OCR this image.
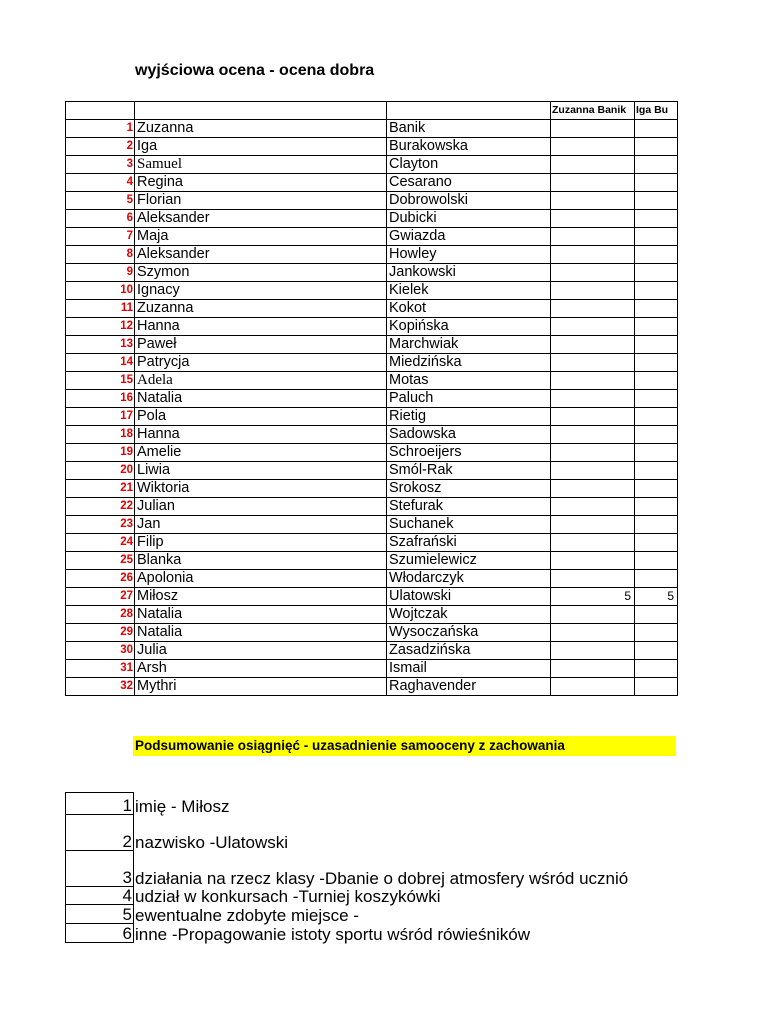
wyjściowa ocena - ocena dobra
			Zuzanna Banik	Iga Bu
1	Zuzanna	Banik		
2	Iga	Burakowska		
3	Samuel	Clayton		
4	Regina	Cesarano		
5	Florian	Dobrowolski		
6	Aleksander	Dubicki		
7	Maja	Gwiazda		
8	Aleksander	Howley		
9	Szymon	Jankowski		
10	Ignacy	Kielek		
11	Zuzanna	Kokot		
12	Hanna	Kopińska		
13	Paweł	Marchwiak		
14	Patrycja	Miedzińska		
15	Adela	Motas		
16	Natalia	Paluch		
17	Pola	Rietig		
18	Hanna	Sadowska		
19	Amelie	Schroeijers		
20	Liwia	Smól-Rak		
21	Wiktoria	Srokosz		
22	Julian	Stefurak		
23	Jan	Suchanek		
24	Filip	Szafrański		
25	Blanka	Szumielewicz		
26	Apolonia	Włodarczyk		
27	Miłosz	Ulatowski	5	5
28	Natalia	Wojtczak		
29	Natalia	Wysoczańska		
30	Julia	Zasadzińska		
31	Arsh	Ismail		
32	Mythri	Raghavender		
Podsumowanie osiągnięć - uzasadnienie samooceny z zachowania
1	imię - Miłosz
2	nazwisko -Ulatowski
3	działania na rzecz klasy -Dbanie o dobrej atmosfery wśród ucznió
4	udział w konkursach -Turniej koszykówki
5	ewentualne zdobyte miejsce -
6	inne -Propagowanie istoty sportu wśród rówieśników
